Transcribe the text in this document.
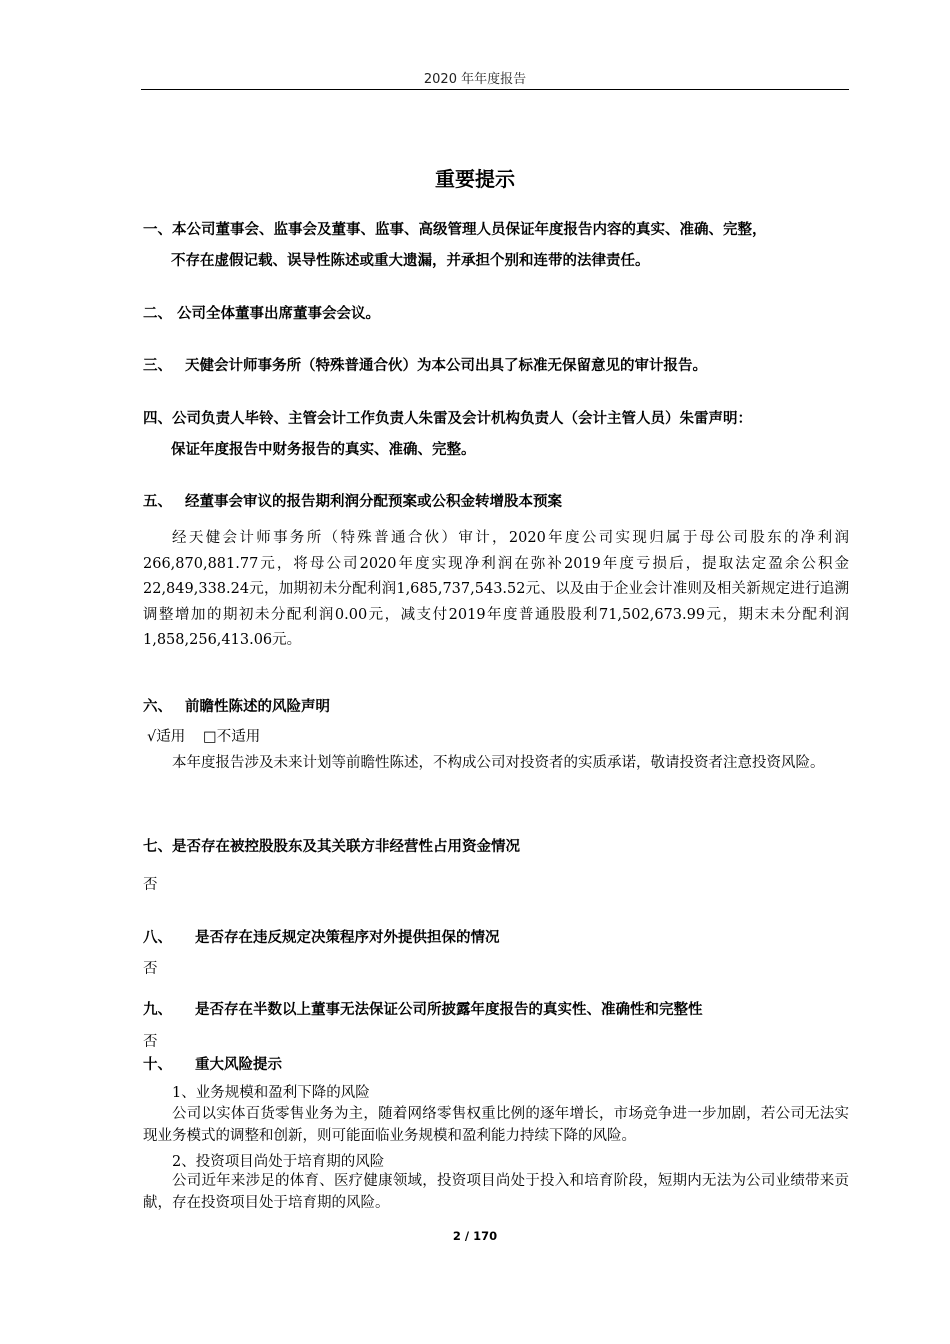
2020 年年度报告
重要提示
一、本公司董事会、监事会及董事、监事、高级管理人员保证年度报告内容的真实、准确、完整，
不存在虚假记载、误导性陈述或重大遗漏，并承担个别和连带的法律责任。
二、 公司全体董事出席董事会会议。
三、 天健会计师事务所（特殊普通合伙）为本公司出具了标准无保留意见的审计报告。
四、公司负责人毕铃、主管会计工作负责人朱雷及会计机构负责人（会计主管人员）朱雷声明：
保证年度报告中财务报告的真实、准确、完整。
五、 经董事会审议的报告期利润分配预案或公积金转增股本预案
经天健会计师事务所（特殊普通合伙）审计，2020年度公司实现归属于母公司股东的净利润266,870,881.77元，将母公司2020年度实现净利润在弥补2019年度亏损后，提取法定盈余公积金22,849,338.24元，加期初未分配利润1,685,737,543.52元、以及由于企业会计准则及相关新规定进行追溯调整增加的期初未分配利润0.00元，减支付2019年度普通股股利71,502,673.99元，期末未分配利润1,858,256,413.06元。
六、 前瞻性陈述的风险声明
√适用 □不适用
本年度报告涉及未来计划等前瞻性陈述，不构成公司对投资者的实质承诺，敬请投资者注意投资风险。
七、是否存在被控股股东及其关联方非经营性占用资金情况
否
八、 是否存在违反规定决策程序对外提供担保的情况
否
九、 是否存在半数以上董事无法保证公司所披露年度报告的真实性、准确性和完整性
否
十、 重大风险提示
1、业务规模和盈利下降的风险
公司以实体百货零售业务为主，随着网络零售权重比例的逐年增长，市场竞争进一步加剧，若公司无法实现业务模式的调整和创新，则可能面临业务规模和盈利能力持续下降的风险。
2、投资项目尚处于培育期的风险
公司近年来涉足的体育、医疗健康领域，投资项目尚处于投入和培育阶段，短期内无法为公司业绩带来贡献，存在投资项目处于培育期的风险。
2 / 170
